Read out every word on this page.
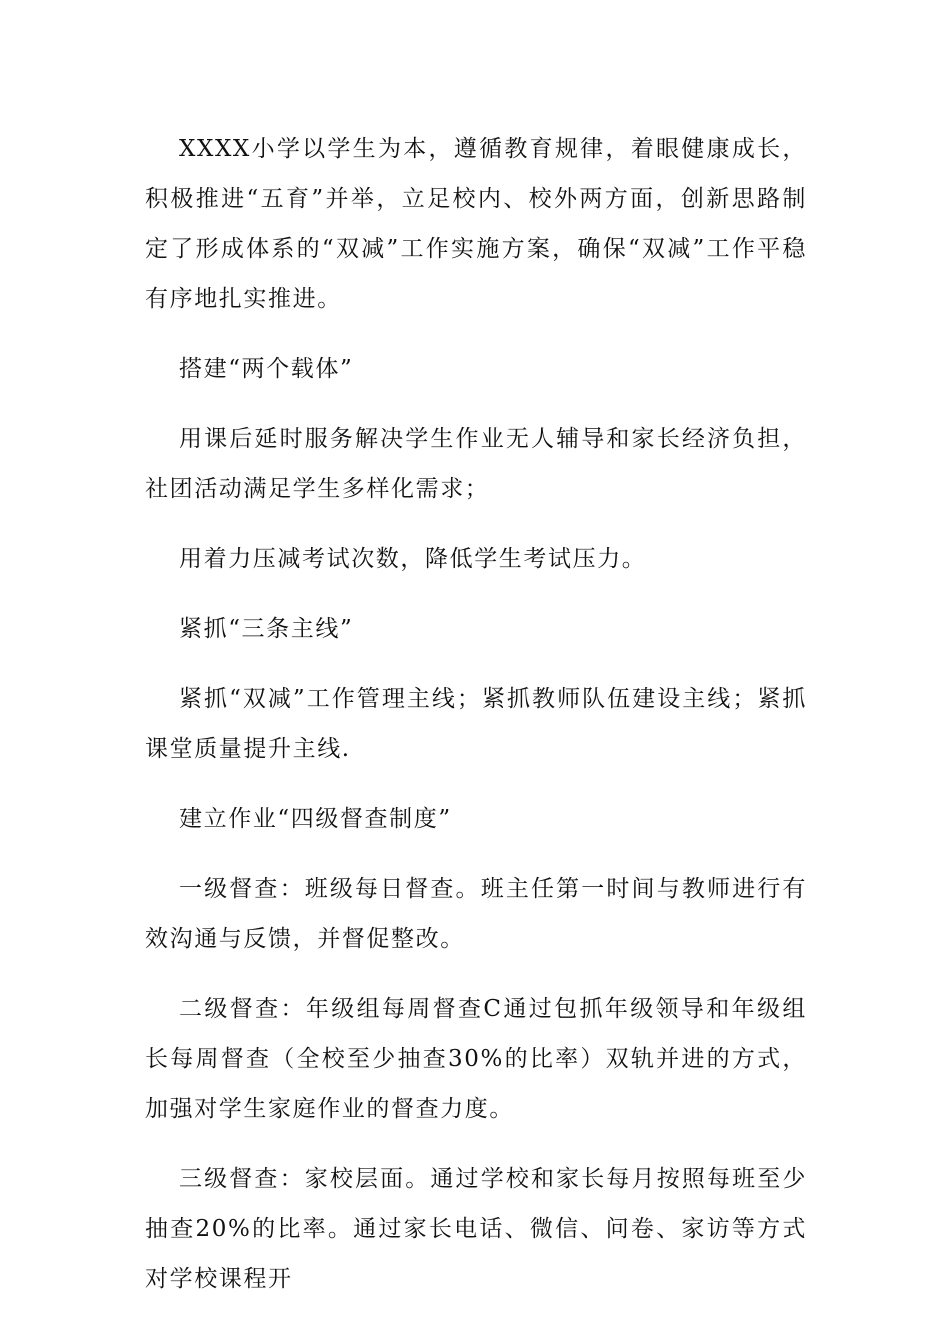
XXXX小学以学生为本，遵循教育规律，着眼健康成长，积极推进“五育”并举，立足校内、校外两方面，创新思路制定了形成体系的“双减”工作实施方案，确保“双减”工作平稳有序地扎实推进。

搭建“两个载体”

用课后延时服务解决学生作业无人辅导和家长经济负担，社团活动满足学生多样化需求；

用着力压减考试次数，降低学生考试压力。

紧抓“三条主线”

紧抓“双减”工作管理主线；紧抓教师队伍建设主线；紧抓课堂质量提升主线.

建立作业“四级督查制度”

一级督查：班级每日督查。班主任第一时间与教师进行有效沟通与反馈，并督促整改。

二级督查：年级组每周督查C通过包抓年级领导和年级组长每周督查（全校至少抽查30%的比率）双轨并进的方式，加强对学生家庭作业的督查力度。

三级督查：家校层面。通过学校和家长每月按照每班至少抽查20%的比率。通过家长电话、微信、问卷、家访等方式对学校课程开
